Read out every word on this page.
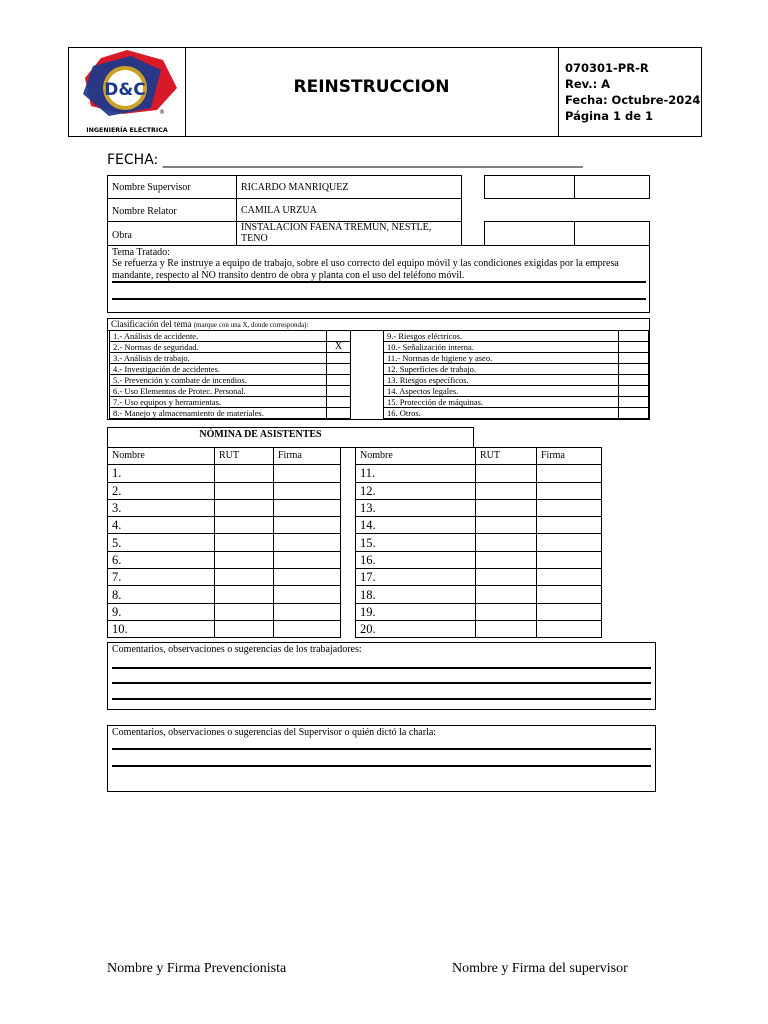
D&C
®
INGENIERÍA ELÉCTRICA
REINSTRUCCION
070301-PR-R
Rev.: A
Fecha: Octubre-2024
Página 1 de 1
FECHA: ____________________________________________________________
Nombre Supervisor	RICARDO MANRIQUEZ
Nombre Relator	CAMILA URZUA
Obra
INSTALACION FAENA TREMUN, NESTLE, TENO
Tema Tratado:
Se refuerza y Re instruye a equipo de trabajo, sobre el uso correcto del equipo móvil y las condiciones exigidas por la empresa mandante, respecto al NO transito dentro de obra y planta con el uso del teléfono móvil.
Clasificación del tema (marque con una X, donde corresponda):
1.- Análisis de accidente.	
2.- Normas de seguridad.	X
3.- Análisis de trabajo.	
4.- Investigación de accidentes.	
5.- Prevención y combate de incendios.	
6.- Uso Elementos de Protec. Personal.	
7.- Uso equipos y herramientas.	
8.- Manejo y almacenamiento de materiales.	
9.- Riesgos eléctricos.	
10.- Señalización interna.	
11.- Normas de higiene y aseo.	
12. Superficies de trabajo.	
13. Riesgos específicos.	
14. Aspectos legales.	
15. Protección de máquinas.	
16. Otros.	
NÓMINA DE ASISTENTES
Nombre	RUT	Firma
1.		
2.		
3.		
4.		
5.		
6.		
7.		
8.		
9.		
10.		
Nombre	RUT	Firma
11.		
12.		
13.		
14.		
15.		
16.		
17.		
18.		
19.		
20.		
Comentarios, observaciones o sugerencias de los trabajadores:
Comentarios, observaciones o sugerencias del Supervisor o quién dictó la charla:
Nombre y Firma Prevencionista	Nombre y Firma del supervisor
